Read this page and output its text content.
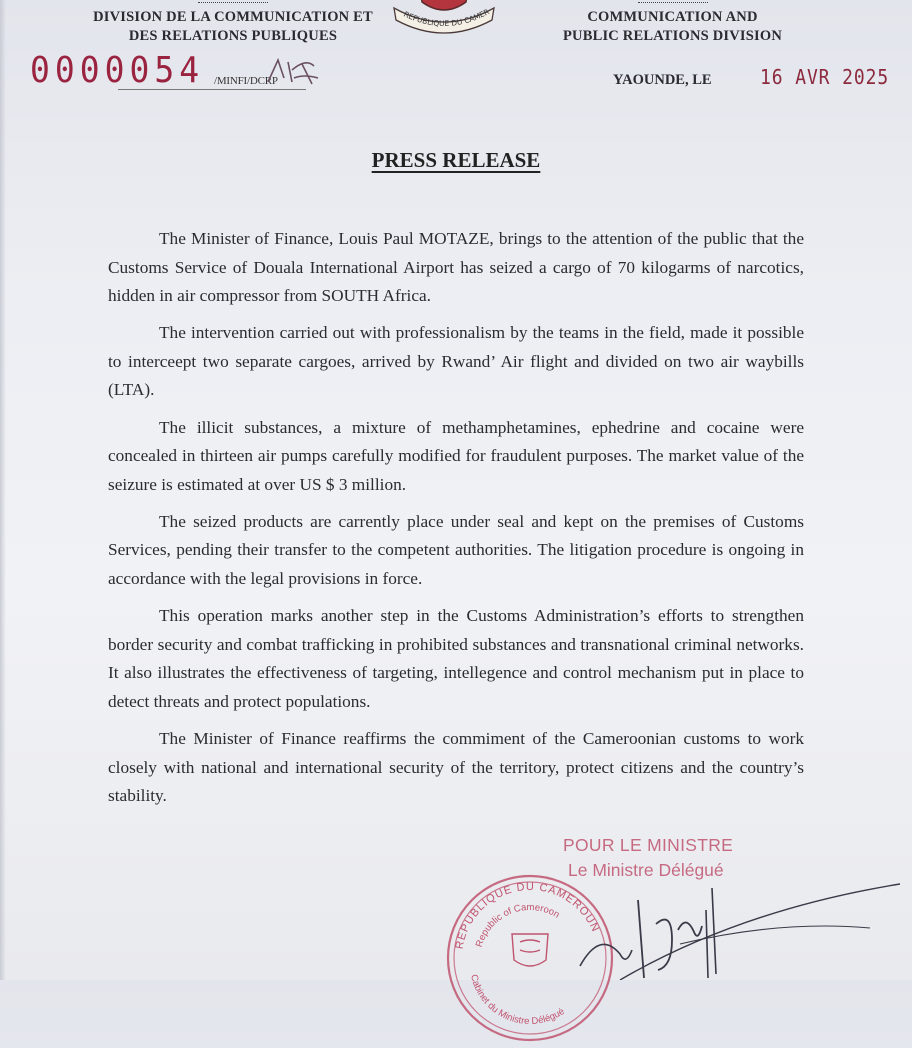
DIVISION DE LA COMMUNICATION ET
DES RELATIONS PUBLIQUES
REPUBLIQUE DU CAMER	COMMUNICATION AND
PUBLIC RELATIONS DIVISION
0000054 /MINFI/DCRP	YAOUNDE, LE 16 AVR 2025
PRESS RELEASE

The Minister of Finance, Louis Paul MOTAZE, brings to the attention of the public that the Customs Service of Douala International Airport has seized a cargo of 70 kilogarms of narcotics, hidden in air compressor from SOUTH Africa.

The intervention carried out with professionalism by the teams in the field, made it possible to interceept two separate cargoes, arrived by Rwand’ Air flight and divided on two air waybills (LTA).

The illicit substances, a mixture of methamphetamines, ephedrine and cocaine were concealed in thirteen air pumps carefully modified for fraudulent purposes. The market value of the seizure is estimated at over US $ 3 million.

The seized products are carrently place under seal and kept on the premises of Customs Services, pending their transfer to the competent authorities. The litigation procedure is ongoing in accordance with the legal provisions in force.

This operation marks another step in the Customs Administration’s efforts to strengthen border security and combat trafficking in prohibited substances and transnational criminal networks. It also illustrates the effectiveness of targeting, intellegence and control mechanism put in place to detect threats and protect populations.

The Minister of Finance reaffirms the commiment of the Cameroonian customs to work closely with national and international security of the territory, protect citizens and the country’s stability.

POUR LE MINISTRE
Le Ministre Délégué
REPUBLIQUE DU CAMEROUN
Republic of Cameroon
Cabinet du Ministre Délégué
